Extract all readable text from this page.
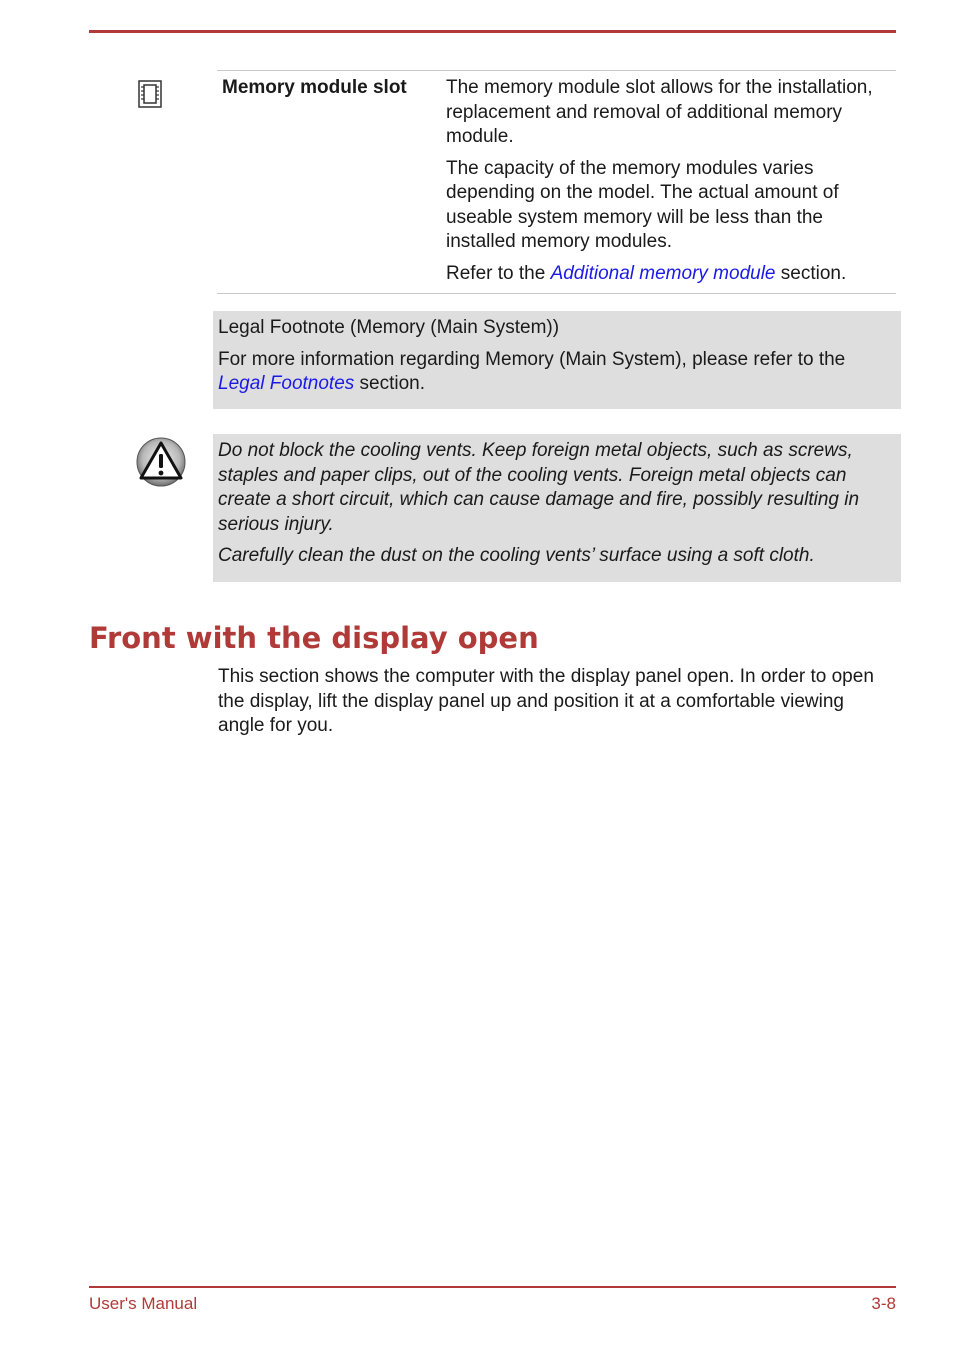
Memory module slot	The memory module slot allows for the installation, replacement and removal of additional memory module.

The capacity of the memory modules varies depending on the model. The actual amount of useable system memory will be less than the installed memory modules.

Refer to the Additional memory module section.

Legal Footnote (Memory (Main System))

For more information regarding Memory (Main System), please refer to the Legal Footnotes section.

Do not block the cooling vents. Keep foreign metal objects, such as screws, staples and paper clips, out of the cooling vents. Foreign metal objects can create a short circuit, which can cause damage and fire, possibly resulting in serious injury.

Carefully clean the dust on the cooling vents’ surface using a soft cloth.

Front with the display open

This section shows the computer with the display panel open. In order to open the display, lift the display panel up and position it at a comfortable viewing angle for you.

User's Manual	3-8
